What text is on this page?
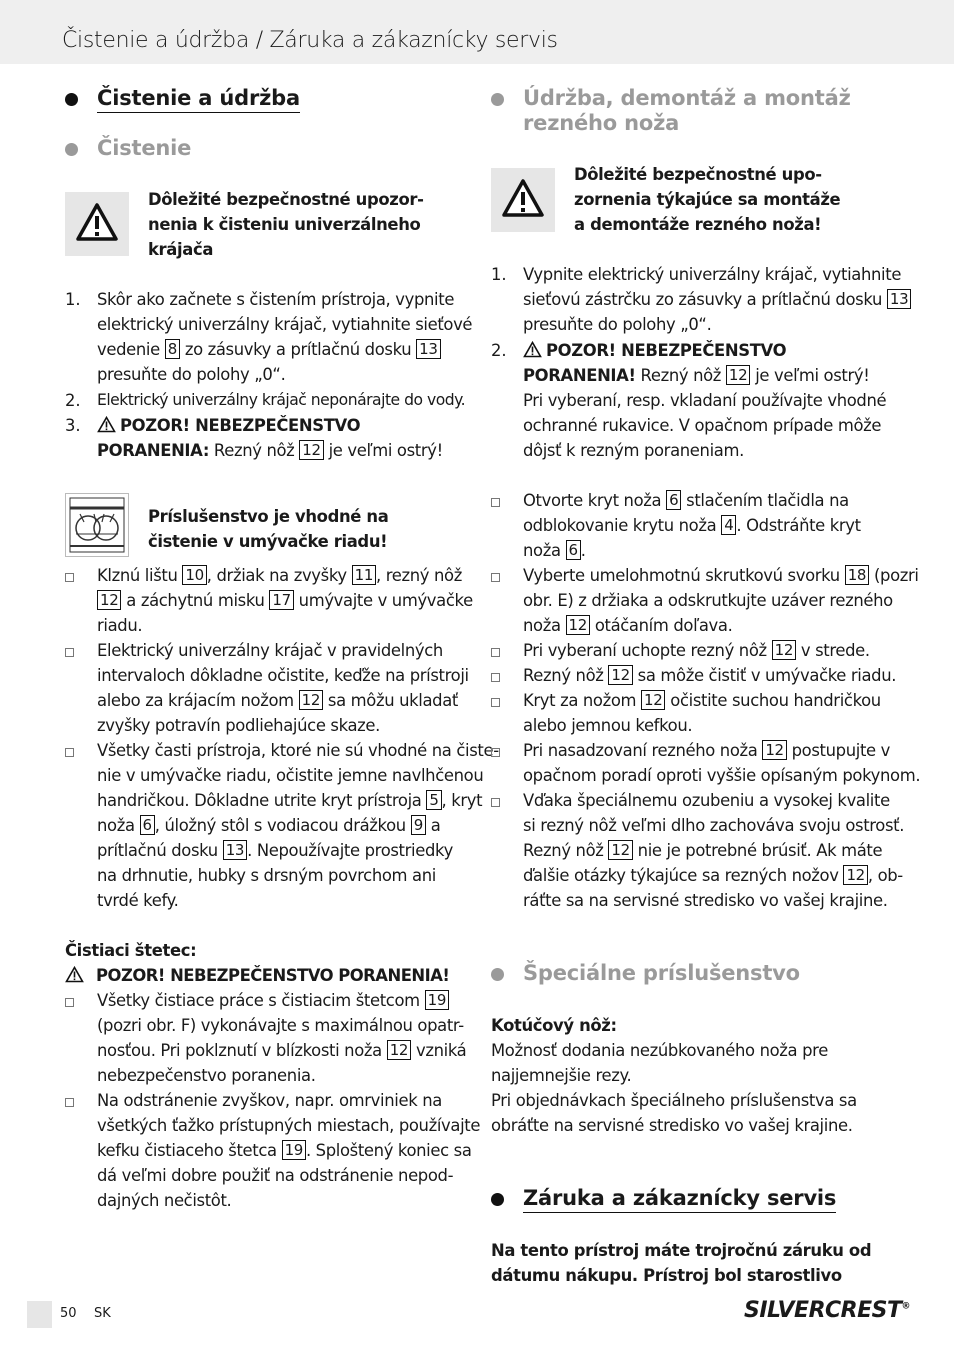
Čistenie a údržba / Záruka a zákaznícky servis
Čistenie a údržba
Čistenie
Dôležité bezpečnostné upozor-
nenia k čisteniu univerzálneho
krájača
1. Skôr ako začnete s čistením prístroja, vypnite
elektrický univerzálny krájač, vytiahnite sieťové
vedenie 8 zo zásuvky a prítlačnú dosku 13
presuňte do polohy „0“.
2. Elektrický univerzálny krájač neponárajte do vody.
3.	POZOR! NEBEZPEČENSTVO
PORANENIA: Rezný nôž 12 je veľmi ostrý!
Príslušenstvo je vhodné na
čistenie v umývačke riadu!
Klznú lištu 10 , držiak na zvyšky 11 , rezný nôž
12 a záchytnú misku 17 umývajte v umývačke
riadu.
Elektrický univerzálny krájač v pravidelných
intervaloch dôkladne očistite, keďže na prístroji
alebo za krájacím nožom 12 sa môžu ukladať
zvyšky potravín podliehajúce skaze.
Všetky časti prístroja, ktoré nie sú vhodné na čiste-
nie v umývačke riadu, očistite jemne navlhčenou
handričkou. Dôkladne utrite kryt prístroja 5 , kryt
noža 6 , úložný stôl s vodiacou drážkou 9 a
prítlačnú dosku 13 . Nepoužívajte prostriedky
na drhnutie, hubky s drsným povrchom ani
tvrdé kefy.
Čistiaci štetec:
POZOR! NEBEZPEČENSTVO PORANENIA!
Všetky čistiace práce s čistiacim štetcom 19
(pozri obr. F) vykonávajte s maximálnou opatr-
nosťou. Pri poklznutí v blízkosti noža 12 vzniká
nebezpečenstvo poranenia.
Na odstránenie zvyškov, napr. omrviniek na
všetkých ťažko prístupných miestach, používajte
kefku čistiaceho štetca 19 . Sploštený koniec sa
dá veľmi dobre použiť na odstránenie nepod-
dajných nečistôt.
Údržba, demontáž a montáž
rezného noža
Dôležité bezpečnostné upo-
zornenia týkajúce sa montáže
a demontáže rezného noža!
1. Vypnite elektrický univerzálny krájač, vytiahnite
sieťovú zástrčku zo zásuvky a prítlačnú dosku 13
presuňte do polohy „0“.
2.	POZOR! NEBEZPEČENSTVO
PORANENIA! Rezný nôž 12 je veľmi ostrý!
Pri vyberaní, resp. vkladaní používajte vhodné
ochranné rukavice. V opačnom prípade môže
dôjsť k rezným poraneniam.
Otvorte kryt noža 6 stlačením tlačidla na
odblokovanie krytu noža 4 . Odstráňte kryt
noža 6 .
Vyberte umelohmotnú skrutkovú svorku 18 (pozri
obr. E) z držiaka a odskrutkujte uzáver rezného
noža 12 otáčaním doľava.
Pri vyberaní uchopte rezný nôž 12 v strede.
Rezný nôž 12 sa môže čistiť v umývačke riadu.
Kryt za nožom 12 očistite suchou handričkou
alebo jemnou kefkou.
Pri nasadzovaní rezného noža 12 postupujte v
opačnom poradí oproti vyššie opísaným pokynom.
Vďaka špeciálnemu ozubeniu a vysokej kvalite
si rezný nôž veľmi dlho zachováva svoju ostrosť.
Rezný nôž 12 nie je potrebné brúsiť. Ak máte
ďalšie otázky týkajúce sa rezných nožov 12 , ob-
ráťte sa na servisné stredisko vo vašej krajine.
Špeciálne príslušenstvo
Kotúčový nôž:
Možnosť dodania nezúbkovaného noža pre
najjemnejšie rezy.
Pri objednávkach špeciálneho príslušenstva sa
obráťte na servisné stredisko vo vašej krajine.
Záruka a zákaznícky servis
Na tento prístroj máte trojročnú záruku od
dátumu nákupu. Prístroj bol starostlivo
50 SK	SILVERCREST®
